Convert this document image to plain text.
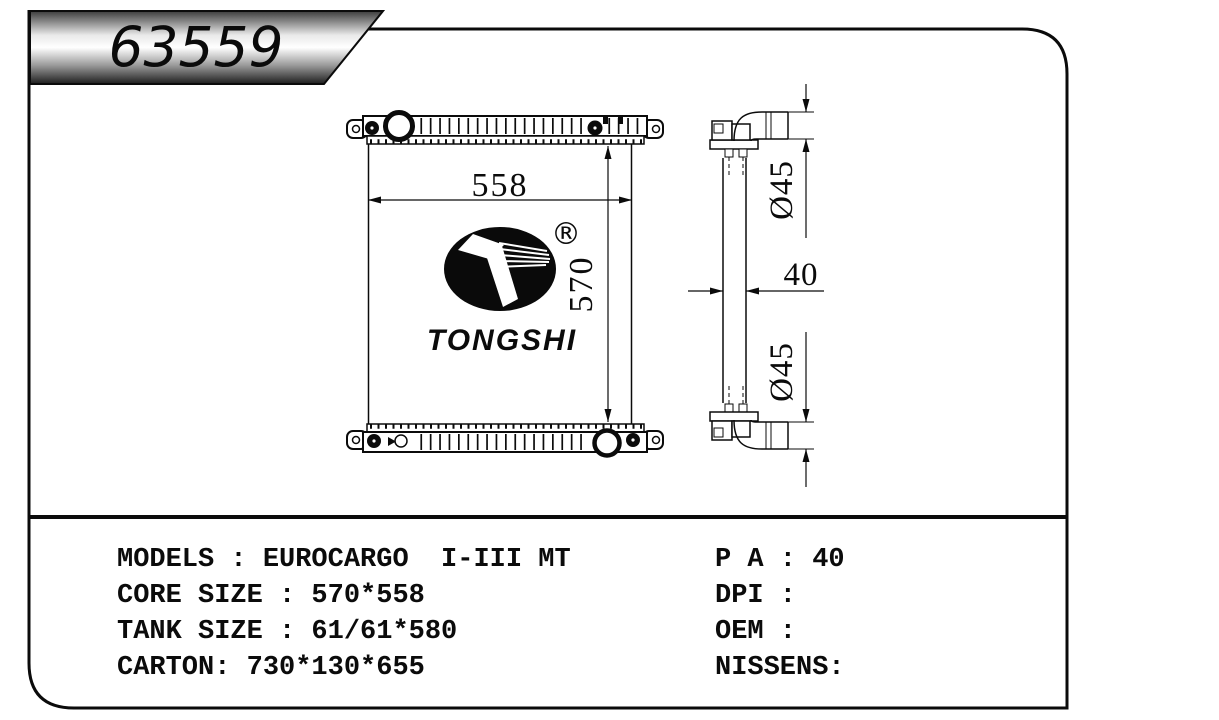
63559
®
TONGSHI
558
570
Ø45
40
Ø45
MODELS : EUROCARGO  I-III MT
CORE SIZE : 570*558
TANK SIZE : 61/61*580
CARTON: 730*130*655
P A : 40
DPI :
OEM :
NISSENS:
